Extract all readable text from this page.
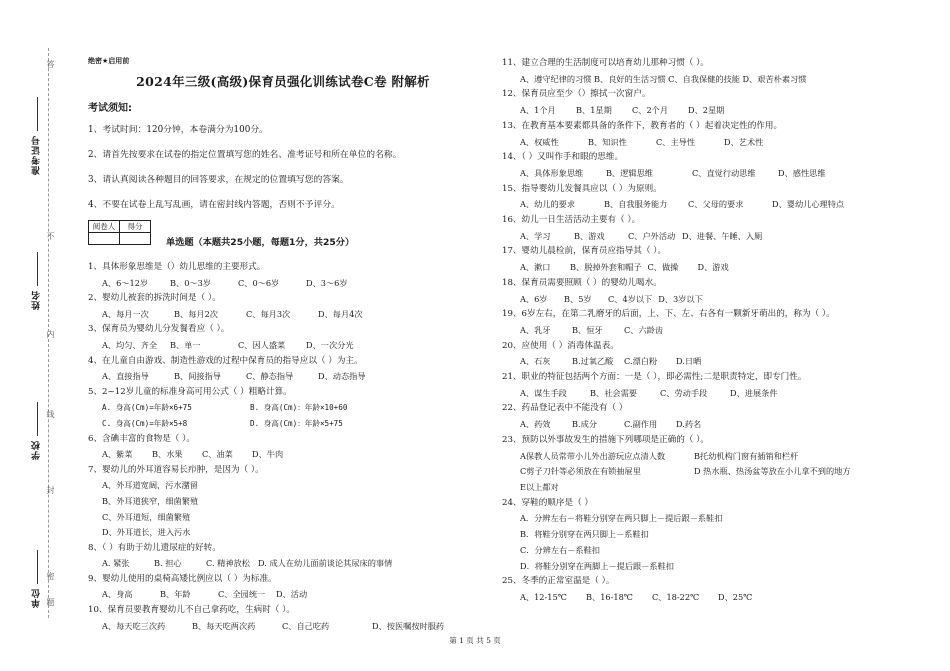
绝密★启用前
2024年三级(高级)保育员强化训练试卷C卷 附解析
考试须知:
1、考试时间：120分钟，本卷满分为100分。
2、请首先按要求在试卷的指定位置填写您的姓名、准考证号和所在单位的名称。
3、请认真阅读各种题目的回答要求，在规定的位置填写您的答案。
4、不要在试卷上乱写乱画，请在密封线内答题，否则不予评分。
阅卷人	得分

单选题（本题共25小题，每题1分，共25分）
1、具体形象思维是（）幼儿思维的主要形式。
A、6～12岁	B、0～3岁	C、0～6岁	D、3～6岁
2、婴幼儿被套的拆洗时间是（ ）。
A、每月一次	B、每月2次	C、每月3次	D、每月4次
3、保育员为婴幼儿分发餐看应（ ）。
A、均匀、齐全 B、单一	C、因人盛菜	D、一次分光
4、在儿童自由游戏、制造性游戏的过程中保育员的指导应以（ ）为主。
A、直接指导	B、间接指导	C、静态指导	D、动态指导
5、2~12岁儿童的标准身高可用公式（ ）粗略计算。
A. 身高(Cm)=年龄×6+75	B. 身高(Cm)：年龄×10+60
C. 身高(Cm)=年龄×5+8	D. 身高(Cm)：年龄×5+75
6、含碘丰富的食物是（ ）。
A、紫菜 B、水果 C、油菜 D、牛肉
7、婴幼儿的外耳道容易长疖肿，是因为（ ）。
A、外耳道宽阔，污水潴留
B、外耳道狭窄，细菌繁殖
C、外耳道短，细菌繁殖
D、外耳道长，进入污水
8、（ ）有助于幼儿遗尿症的好转。
A. 紧张	B. 担心	C. 精神放松 D. 成人在幼儿面前谈论其尿床的事情
9、婴幼儿使用的桌椅高矮比例应以（ ）为标准。
A、身高	B、年龄	C、全园统一 D、活动
10、保育员要教育婴幼儿不自己拿药吃，生病时（ ）。
A、每天吃三次药	B、每天吃两次药	C、自己吃药	D、按医嘱按时服药
11、建立合理的生活制度可以培育幼儿那种习惯（ ）。
A、遵守纪律的习惯 B、良好的生活习惯 C、自我保健的技能 D、艰苦朴素习惯
12、保育员应至少（）擦拭一次窗户。
A、1个月 B、1星期 C、2个月 D、2星期
13、在教育基本要素都具备的条件下，教育者的（ ）起着决定性的作用。
A、权威性	B、知识性	C、主导性	D、艺术性
14、（ ）又叫作手和眼的思维。
A、具体形象思维	B、逻辑思维	C、直觉行动思维	D、感性思维
15、指导婴幼儿发餐具应以（ ）为原则。
A、幼儿的要求	B、自我服务能力	C、父母的要求	D、婴幼儿心理特点
16、幼儿一日生活活动主要有（ ）。
A、学习	B、游戏	C、户外活动 D、进餐、午睡、入厕
17、婴幼儿晨检前，保育员应指导其（ ）。
A、漱口 B、脱掉外套和帽子 C、做操 D、游戏
18、保育员需要照顾（ ）的婴幼儿喝水。
A、6岁 B、5岁 C、4岁以下 D、3岁以下
19、6岁左右，在第二乳磨牙的后面，上、下、左、右各有一颗新牙萌出的，称为（ ）。
A、乳牙	B、恒牙	C、六龄齿
20、应使用（ ）消毒体温表。
A、石灰	B.过氧乙酸 C.漂白粉 D.日晒
21、职业的特征包括两个方面：一是（ ），即必需性;二是职责特定，即专门性。
A、谋生手段	B、社会需要	C、劳动手段	D、进展条件
22、药品登记表中不能没有（ ）
A、药效	B.成分	C.副作用 D.药名
23、预防以外事故发生的措施下列哪项是正确的（ ）。
A保教人员常带小儿外出游玩应点清人数	B托幼机构门窗有插销和栏杆
C剪子刀针等必须放在有锁抽屉里	D 热水瓶、热汤盆等放在小儿拿不到的地方
E以上都对
24、穿鞋的顺序是（ ）
A．分辨左右－将鞋分别穿在两只脚上－提后跟－系鞋扣
B．将鞋分别穿在两只脚上－系鞋扣
C．分辨左右－系鞋扣
D．将鞋分别穿在两脚上－提后跟－系鞋扣
25、冬季的正常室温是（ ）。
A、12-15℃ B、16-18℃ C、18-22℃ D、25℃
第 1 页 共 5 页
准考证号
姓名
学校
单位
答
不
内
线
封
密
题
